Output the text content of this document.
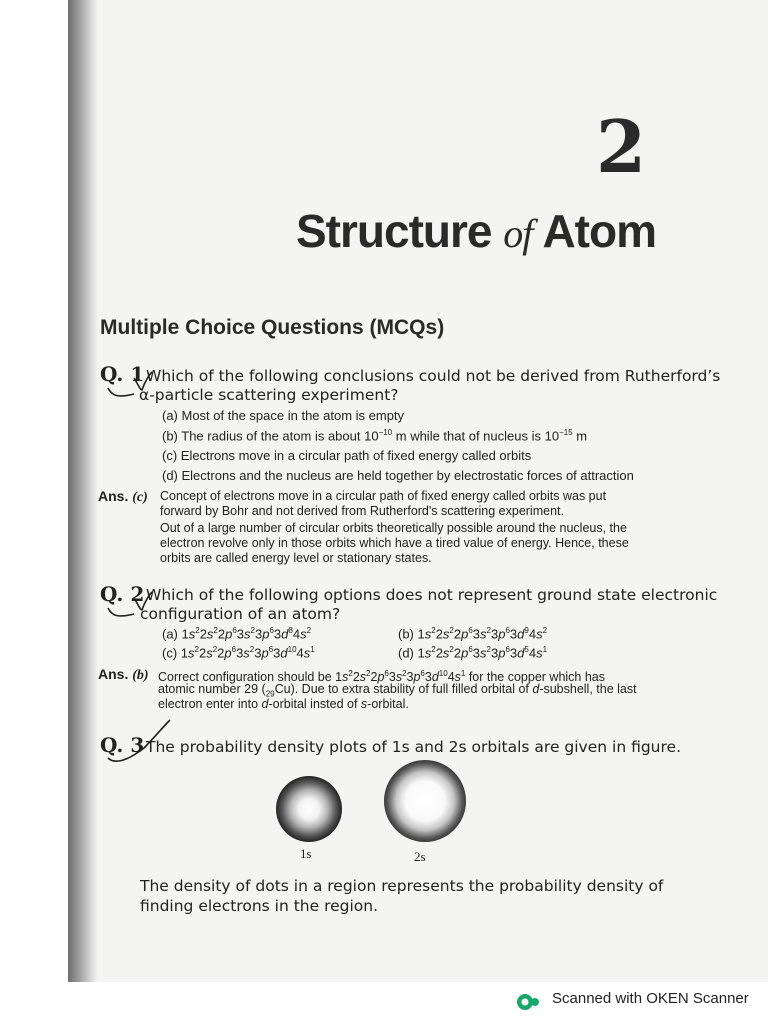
2
Structure of Atom
Multiple Choice Questions (MCQs)
Q. 1 Which of the following conclusions could not be derived from Rutherford’s
α-particle scattering experiment?
(a) Most of the space in the atom is empty
(b) The radius of the atom is about $10^{-10}$ m while that of nucleus is $10^{-15}$ m
(c) Electrons move in a circular path of fixed energy called orbits
(d) Electrons and the nucleus are held together by electrostatic forces of attraction
Ans. (c) Concept of electrons move in a circular path of fixed energy called orbits was put
forward by Bohr and not derived from Rutherford's scattering experiment.
Out of a large number of circular orbits theoretically possible around the nucleus, the
electron revolve only in those orbits which have a tired value of energy. Hence, these
orbits are called energy level or stationary states.
Q. 2 Which of the following options does not represent ground state electronic
configuration of an atom?
(a) $1s^22s^22p^63s^23p^63d^84s^2$	(b) $1s^22s^22p^63s^23p^63d^94s^2$
(c) $1s^22s^22p^63s^23p^63d^{10}4s^1$	(d) $1s^22s^22p^63s^23p^63d^54s^1$
Ans. (b) Correct configuration should be $1s^22s^22p^63s^23p^63d^{10}4s^1$ for the copper which has
atomic number 29 $(_{29}Cu)$. Due to extra stability of full filled orbital of d-subshell, the last
electron enter into d-orbital insted of s-orbital.
Q. 3 The probability density plots of 1s and 2s orbitals are given in figure.
1s	2s
The density of dots in a region represents the probability density of
finding electrons in the region.
Scanned with OKEN Scanner
